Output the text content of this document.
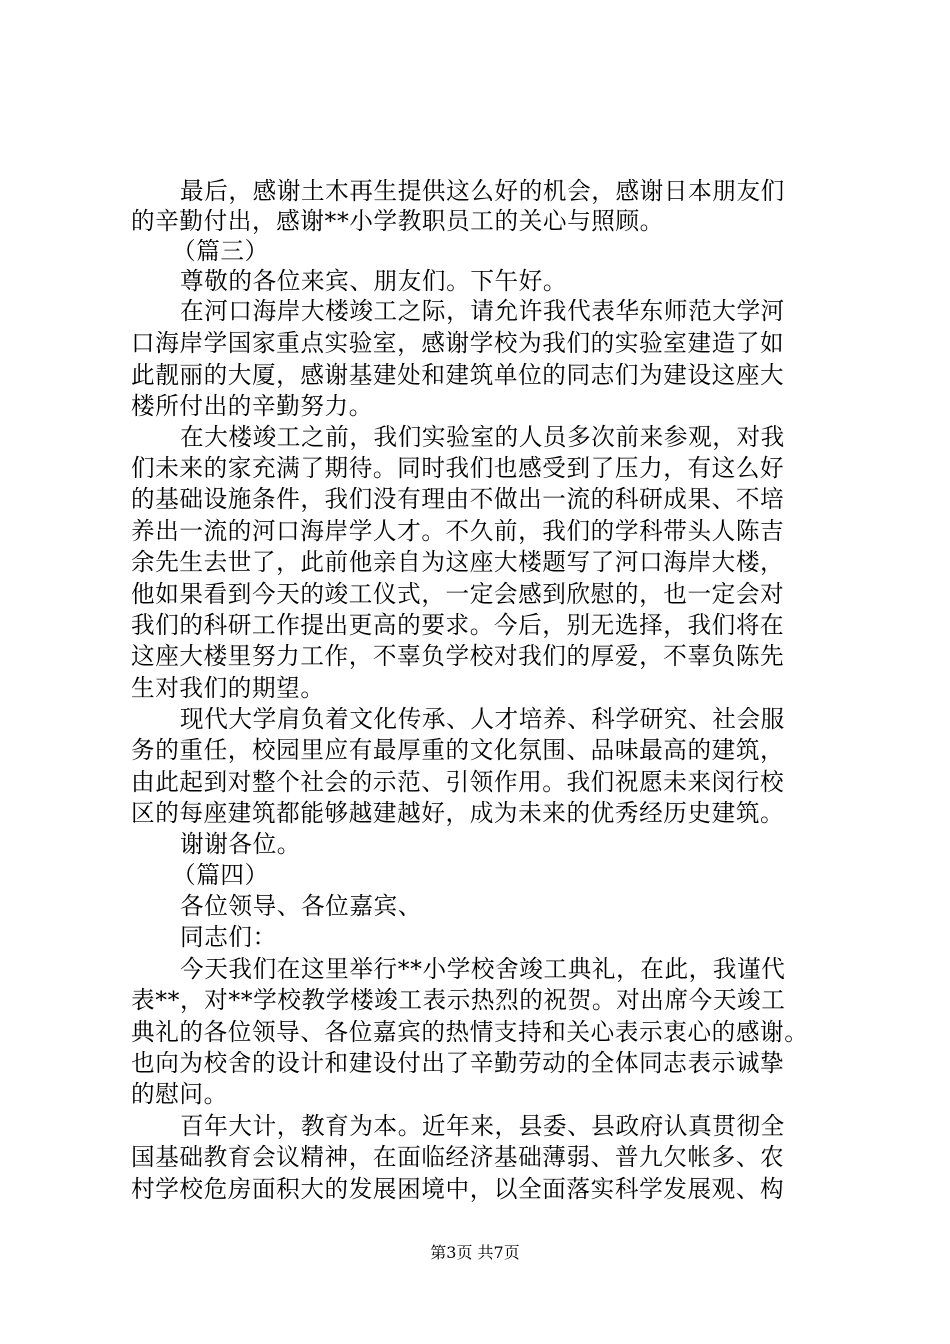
最后，感谢土木再生提供这么好的机会，感谢日本朋友们

的辛勤付出，感谢**小学教职员工的关心与照顾。

（篇三）

尊敬的各位来宾、朋友们。下午好。

在河口海岸大楼竣工之际，请允许我代表华东师范大学河

口海岸学国家重点实验室，感谢学校为我们的实验室建造了如

此靓丽的大厦，感谢基建处和建筑单位的同志们为建设这座大

楼所付出的辛勤努力。

在大楼竣工之前，我们实验室的人员多次前来参观，对我

们未来的家充满了期待。同时我们也感受到了压力，有这么好

的基础设施条件，我们没有理由不做出一流的科研成果、不培

养出一流的河口海岸学人才。不久前，我们的学科带头人陈吉

余先生去世了，此前他亲自为这座大楼题写了河口海岸大楼，

他如果看到今天的竣工仪式，一定会感到欣慰的，也一定会对

我们的科研工作提出更高的要求。今后，别无选择，我们将在

这座大楼里努力工作，不辜负学校对我们的厚爱，不辜负陈先

生对我们的期望。

现代大学肩负着文化传承、人才培养、科学研究、社会服

务的重任，校园里应有最厚重的文化氛围、品味最高的建筑，

由此起到对整个社会的示范、引领作用。我们祝愿未来闵行校

区的每座建筑都能够越建越好，成为未来的优秀经历史建筑。

谢谢各位。

（篇四）

各位领导、各位嘉宾、

同志们：

今天我们在这里举行**小学校舍竣工典礼，在此，我谨代

表**，对**学校教学楼竣工表示热烈的祝贺。对出席今天竣工

典礼的各位领导、各位嘉宾的热情支持和关心表示衷心的感谢。

也向为校舍的设计和建设付出了辛勤劳动的全体同志表示诚挚

的慰问。

百年大计，教育为本。近年来，县委、县政府认真贯彻全

国基础教育会议精神，在面临经济基础薄弱、普九欠帐多、农

村学校危房面积大的发展困境中，以全面落实科学发展观、构

第3页 共7页
